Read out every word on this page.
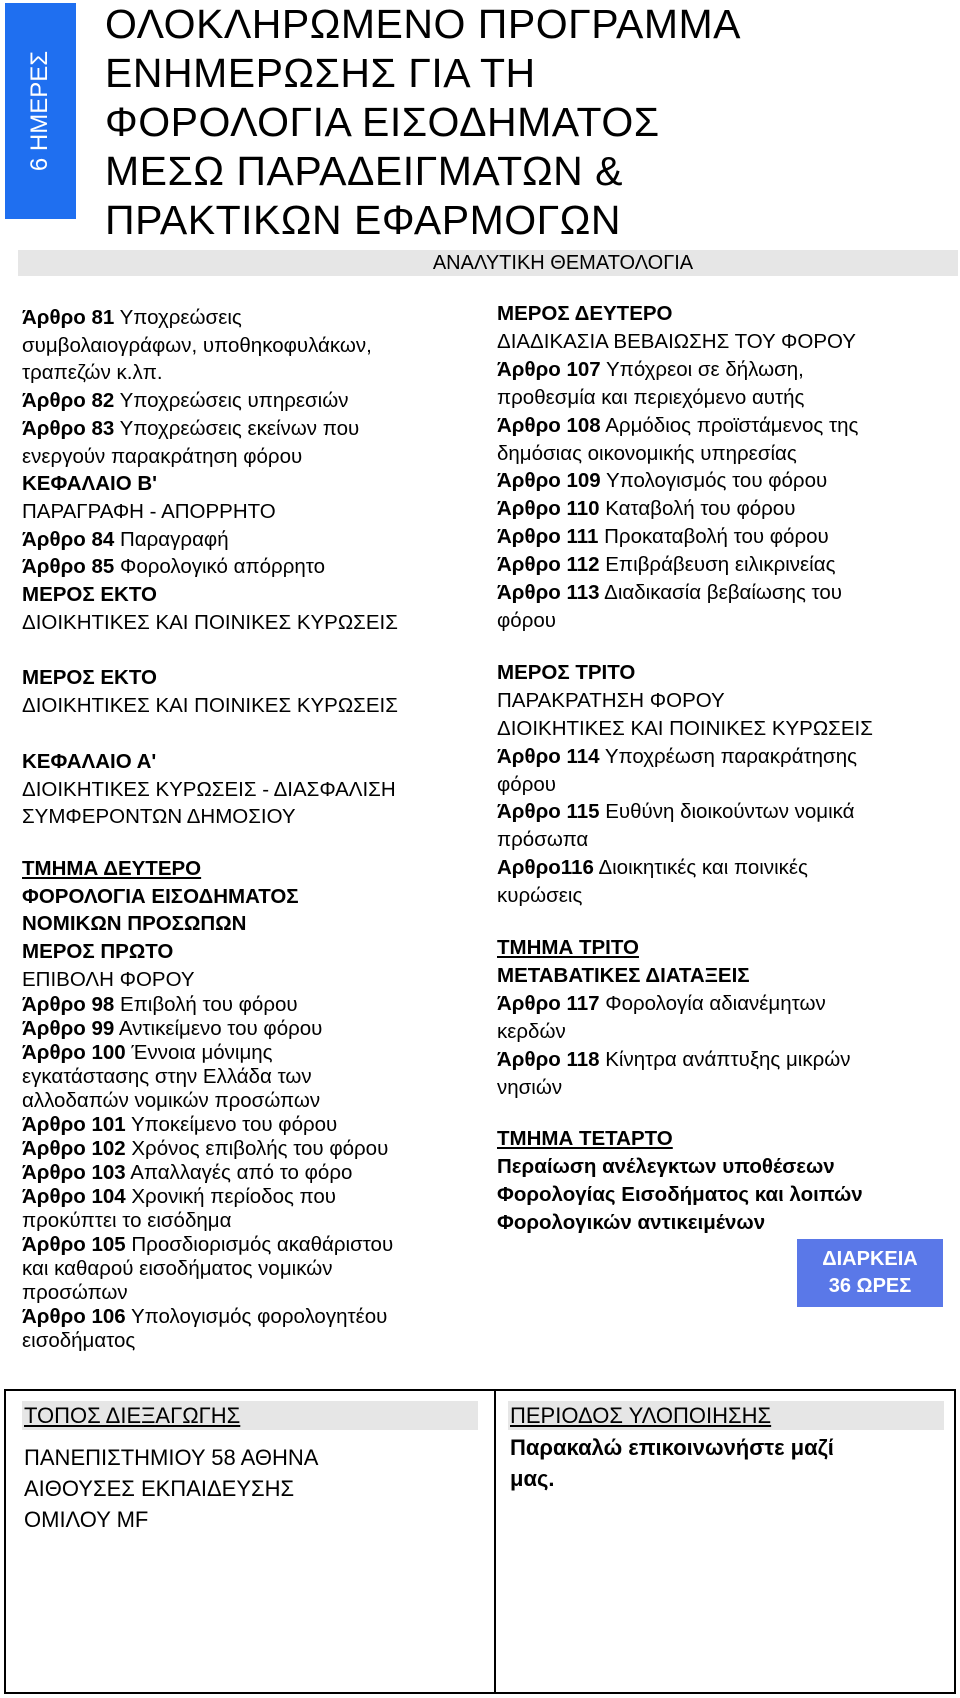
6 ΗΜΕΡΕΣ
ΟΛΟΚΛΗΡΩΜΕΝΟ ΠΡΟΓΡΑΜΜΑ
ΕΝΗΜΕΡΩΣΗΣ ΓΙΑ ΤΗ
ΦΟΡΟΛΟΓΙΑ ΕΙΣΟΔΗΜΑΤΟΣ
ΜΕΣΩ ΠΑΡΑΔΕΙΓΜΑΤΩΝ &
ΠΡΑΚΤΙΚΩΝ ΕΦΑΡΜΟΓΩΝ
ΑΝΑΛΥΤΙΚΗ ΘΕΜΑΤΟΛΟΓΙΑ
Άρθρο 81 Υποχρεώσεις
συμβολαιογράφων, υποθηκοφυλάκων,
τραπεζών κ.λπ.
Άρθρο 82 Υποχρεώσεις υπηρεσιών
Άρθρο 83 Υποχρεώσεις εκείνων που
ενεργούν παρακράτηση φόρου
ΚΕΦΑΛΑΙΟ Β'
ΠΑΡΑΓΡΑΦΗ - ΑΠΟΡΡΗΤΟ
Άρθρο 84 Παραγραφή
Άρθρο 85 Φορολογικό απόρρητο
ΜΕΡΟΣ ΕΚΤΟ
ΔΙΟΙΚΗΤΙΚΕΣ ΚΑΙ ΠΟΙΝΙΚΕΣ ΚΥΡΩΣΕΙΣ
ΜΕΡΟΣ ΕΚΤΟ
ΔΙΟΙΚΗΤΙΚΕΣ ΚΑΙ ΠΟΙΝΙΚΕΣ ΚΥΡΩΣΕΙΣ
ΚΕΦΑΛΑΙΟ Α'
ΔΙΟΙΚΗΤΙΚΕΣ ΚΥΡΩΣΕΙΣ - ΔΙΑΣΦΑΛΙΣΗ
ΣΥΜΦΕΡΟΝΤΩΝ ΔΗΜΟΣΙΟΥ
ΤΜΗΜΑ ΔΕΥΤΕΡΟ
ΦΟΡΟΛΟΓΙΑ ΕΙΣΟΔΗΜΑΤΟΣ
ΝΟΜΙΚΩΝ ΠΡΟΣΩΠΩΝ
ΜΕΡΟΣ ΠΡΩΤΟ
ΕΠΙΒΟΛΗ ΦΟΡΟΥ
Άρθρο 98 Επιβολή του φόρου
Άρθρο 99 Αντικείμενο του φόρου
Άρθρο 100 Έννοια μόνιμης
εγκατάστασης στην Ελλάδα των
αλλοδαπών νομικών προσώπων
Άρθρο 101 Υποκείμενο του φόρου
Άρθρο 102 Χρόνος επιβολής του φόρου
Άρθρο 103 Απαλλαγές από το φόρο
Άρθρο 104 Χρονική περίοδος που
προκύπτει το εισόδημα
Άρθρο 105 Προσδιορισμός ακαθάριστου
και καθαρού εισοδήματος νομικών
προσώπων
Άρθρο 106 Υπολογισμός φορολογητέου
εισοδήματος
ΜΕΡΟΣ ΔΕΥΤΕΡΟ
ΔΙΑΔΙΚΑΣΙΑ ΒΕΒΑΙΩΣΗΣ ΤΟΥ ΦΟΡΟΥ
Άρθρο 107 Υπόχρεοι σε δήλωση,
προθεσμία και περιεχόμενο αυτής
Άρθρο 108 Αρμόδιος προϊστάμενος της
δημόσιας οικονομικής υπηρεσίας
Άρθρο 109 Υπολογισμός του φόρου
Άρθρο 110 Καταβολή του φόρου
Άρθρο 111 Προκαταβολή του φόρου
Άρθρο 112 Επιβράβευση ειλικρινείας
Άρθρο 113 Διαδικασία βεβαίωσης του
φόρου
ΜΕΡΟΣ ΤΡΙΤΟ
ΠΑΡΑΚΡΑΤΗΣΗ ΦΟΡΟΥ
ΔΙΟΙΚΗΤΙΚΕΣ ΚΑΙ ΠΟΙΝΙΚΕΣ ΚΥΡΩΣΕΙΣ
Άρθρο 114 Υποχρέωση παρακράτησης
φόρου
Άρθρο 115 Ευθύνη διοικούντων νομικά
πρόσωπα
Αρθρο116 Διοικητικές και ποινικές
κυρώσεις
ΤΜΗΜΑ ΤΡΙΤΟ
ΜΕΤΑΒΑΤΙΚΕΣ ΔΙΑΤΑΞΕΙΣ
Άρθρο 117 Φορολογία αδιανέμητων
κερδών
Άρθρο 118 Κίνητρα ανάπτυξης μικρών
νησιών
ΤΜΗΜΑ ΤΕΤΑΡΤΟ
Περαίωση ανέλεγκτων υποθέσεων
Φορολογίας Εισοδήματος και λοιπών
Φορολογικών αντικειμένων
ΔΙΑΡΚΕΙΑ
36 ΩΡΕΣ
ΤΟΠΟΣ ΔΙΕΞΑΓΩΓΗΣ
ΠΑΝΕΠΙΣΤΗΜΙΟΥ 58 ΑΘΗΝΑ
ΑΙΘΟΥΣΕΣ ΕΚΠΑΙΔΕΥΣΗΣ
ΟΜΙΛΟΥ MF
ΠΕΡΙΟΔΟΣ ΥΛΟΠΟΙΗΣΗΣ
Παρακαλώ επικοινωνήστε μαζί
μας.
